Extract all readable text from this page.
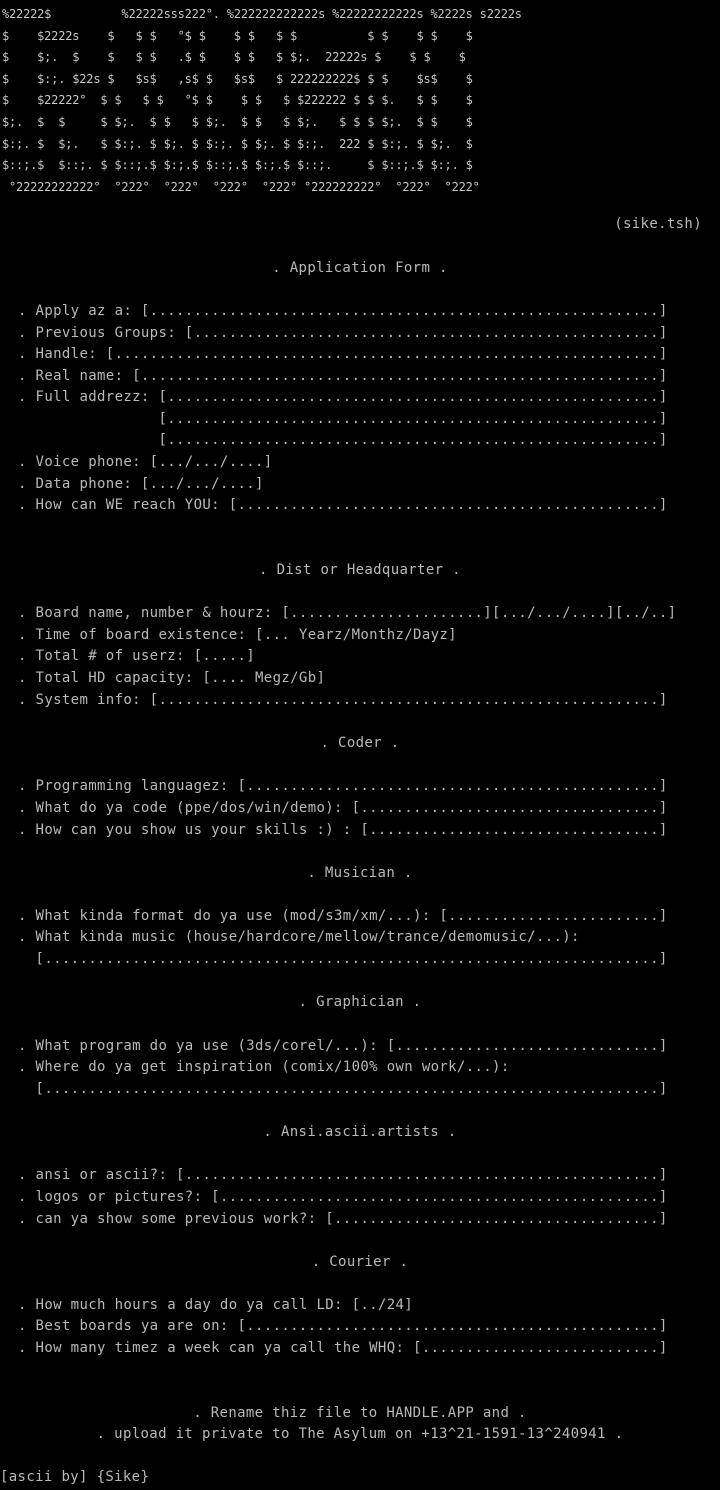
%22222$          %22222sss222°. %222222222222s %22222222222s %2222s s2222s
$    $2222s    $   $ $   °$ $    $ $   $ $          $ $    $ $    $
$    $;.  $    $   $ $   .$ $    $ $   $ $;.  22222s $    $ $    $
$    $:;. $22s $   $s$   ,s$ $   $s$   $ 222222222$ $ $    $s$    $
$    $22222°  $ $   $ $   °$ $    $ $   $ $222222 $ $ $.   $ $    $
$;.  $  $     $ $;.  $ $   $ $;.  $ $   $ $;.   $ $ $ $;.  $ $    $
$:;. $  $;.   $ $:;. $ $;. $ $:;. $ $;. $ $:;.  222 $ $:;. $ $;.  $
$::;.$  $::;. $ $::;.$ $:;.$ $::;.$ $:;.$ $::;.     $ $::;.$ $:;. $
°22222222222°  °222°  °222°  °222°  °222° °222222222°  °222°  °222°
(sike.tsh)
. Application Form .
. Apply az a: [..........................................................]
. Previous Groups: [.....................................................]
. Handle: [..............................................................]
. Real name: [...........................................................]
. Full addrezz: [........................................................]
[........................................................]
[........................................................]
. Voice phone: [.../.../....]
. Data phone: [.../.../....]
. How can WE reach YOU: [................................................]
. Dist or Headquarter .
. Board name, number & hourz: [......................][.../.../....][../..]
. Time of board existence: [... Yearz/Monthz/Dayz]
. Total # of userz: [.....]
. Total HD capacity: [.... Megz/Gb]
. System info: [.........................................................]
. Coder .
. Programming languagez: [...............................................]
. What do ya code (ppe/dos/win/demo): [..................................]
. How can you show us your skills :) : [.................................]
. Musician .
. What kinda format do ya use (mod/s3m/xm/...): [........................]
. What kinda music (house/hardcore/mellow/trance/demomusic/...):
[......................................................................]
. Graphician .
. What program do ya use (3ds/corel/...): [..............................]
. Where do ya get inspiration (comix/100% own work/...):
[......................................................................]
. Ansi.ascii.artists .
. ansi or ascii?: [......................................................]
. logos or pictures?: [..................................................]
. can ya show some previous work?: [.....................................]
. Courier .
. How much hours a day do ya call LD: [../24]
. Best boards ya are on: [...............................................]
. How many timez a week can ya call the WHQ: [...........................]
. Rename thiz file to HANDLE.APP and .
. upload it private to The Asylum on +13^21-1591-13^240941 .
[ascii by] {Sike}
